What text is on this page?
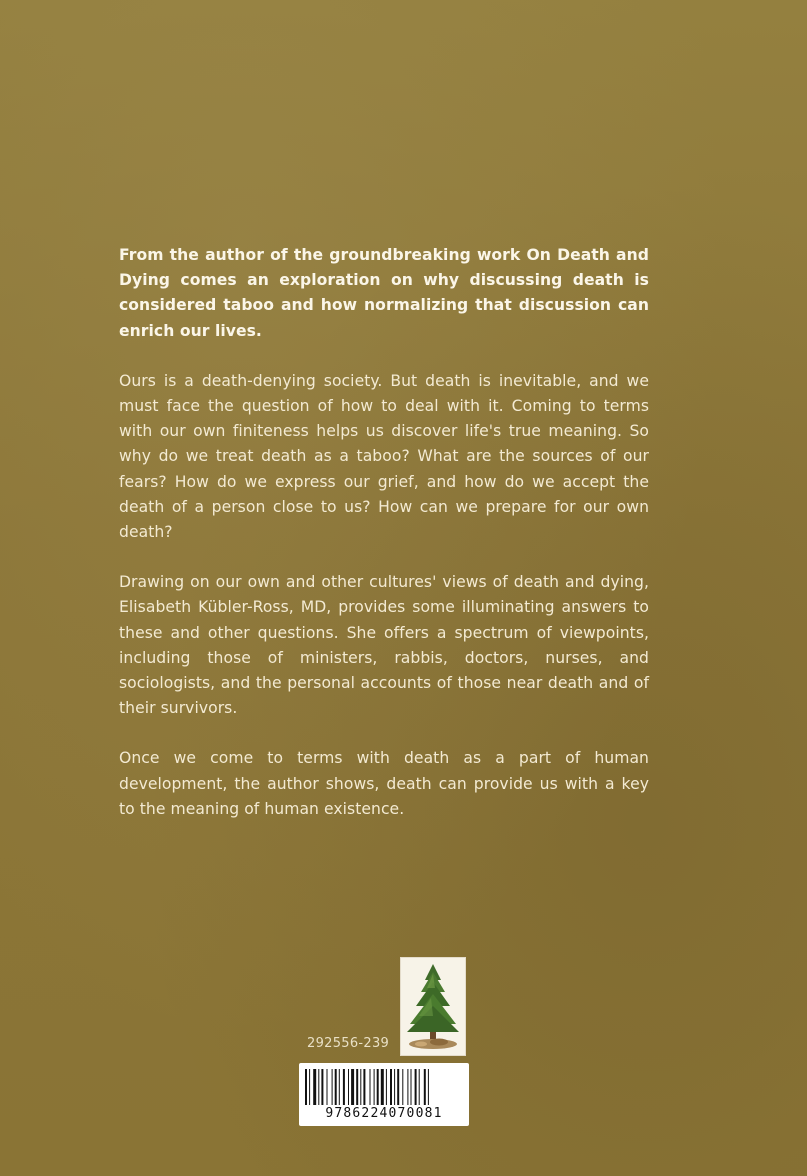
From the author of the groundbreaking work On Death and Dying comes an exploration on why discussing death is considered taboo and how normalizing that discussion can enrich our lives.

Ours is a death-denying society. But death is inevitable, and we must face the question of how to deal with it. Coming to terms with our own finiteness helps us discover life's true meaning. So why do we treat death as a taboo? What are the sources of our fears? How do we express our grief, and how do we accept the death of a person close to us? How can we prepare for our own death?

Drawing on our own and other cultures' views of death and dying, Elisabeth Kübler-Ross, MD, provides some illuminating answers to these and other questions. She offers a spectrum of viewpoints, including those of ministers, rabbis, doctors, nurses, and sociologists, and the personal accounts of those near death and of their survivors.

Once we come to terms with death as a part of human development, the author shows, death can provide us with a key to the meaning of human existence.

292556-239
9786224070081
